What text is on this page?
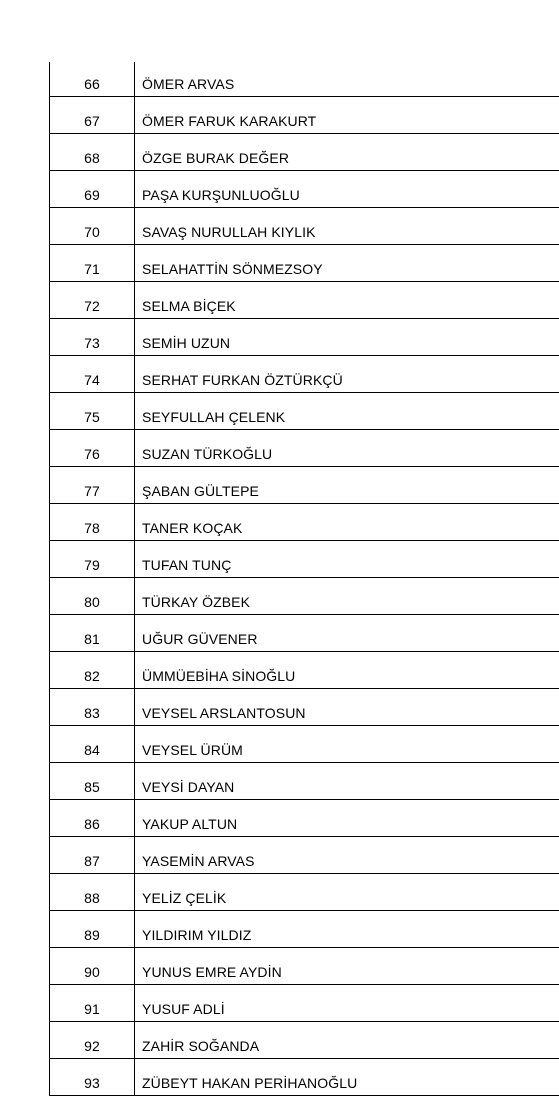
66	ÖMER ARVAS
67	ÖMER FARUK KARAKURT
68	ÖZGE BURAK DEĞER
69	PAŞA KURŞUNLUOĞLU
70	SAVAŞ NURULLAH KIYLIK
71	SELAHATTİN SÖNMEZSOY
72	SELMA BİÇEK
73	SEMİH UZUN
74	SERHAT FURKAN ÖZTÜRKÇÜ
75	SEYFULLAH ÇELENK
76	SUZAN TÜRKOĞLU
77	ŞABAN GÜLTEPE
78	TANER KOÇAK
79	TUFAN TUNÇ
80	TÜRKAY ÖZBEK
81	UĞUR GÜVENER
82	ÜMMÜEBİHA SİNOĞLU
83	VEYSEL ARSLANTOSUN
84	VEYSEL ÜRÜM
85	VEYSİ DAYAN
86	YAKUP ALTUN
87	YASEMİN ARVAS
88	YELİZ ÇELİK
89	YILDIRIM YILDIZ
90	YUNUS EMRE AYDİN
91	YUSUF ADLİ
92	ZAHİR SOĞANDA
93	ZÜBEYT HAKAN PERİHANOĞLU
